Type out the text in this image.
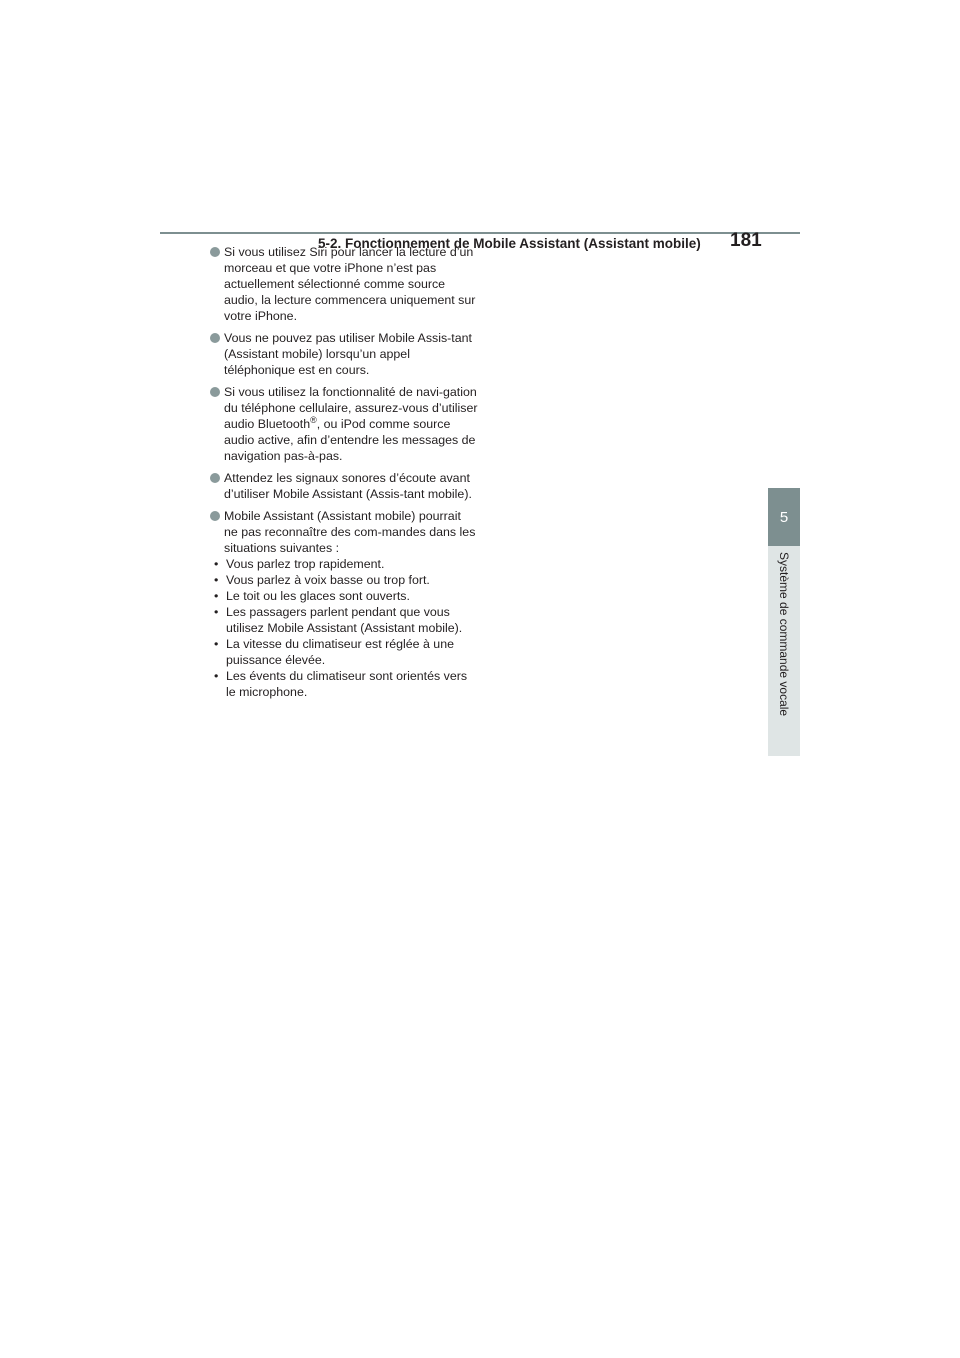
5-2. Fonctionnement de Mobile Assistant (Assistant mobile) 181
5
Système de commande vocale
Si vous utilisez Siri pour lancer la lecture d’un morceau et que votre iPhone n’est pas actuellement sélectionné comme source audio, la lecture commencera uniquement sur votre iPhone.
Vous ne pouvez pas utiliser Mobile Assis-tant (Assistant mobile) lorsqu’un appel téléphonique est en cours.
Si vous utilisez la fonctionnalité de navi-gation du téléphone cellulaire, assurez-vous d’utiliser audio Bluetooth®, ou iPod comme source audio active, afin d’entendre les messages de navigation pas-à-pas.
Attendez les signaux sonores d’écoute avant d’utiliser Mobile Assistant (Assis-tant mobile).
Mobile Assistant (Assistant mobile) pourrait ne pas reconnaître des com-mandes dans les situations suivantes :
• Vous parlez trop rapidement.
• Vous parlez à voix basse ou trop fort.
• Le toit ou les glaces sont ouverts.
• Les passagers parlent pendant que vous utilisez Mobile Assistant (Assistant mobile).
• La vitesse du climatiseur est réglée à une puissance élevée.
• Les évents du climatiseur sont orientés vers le microphone.
